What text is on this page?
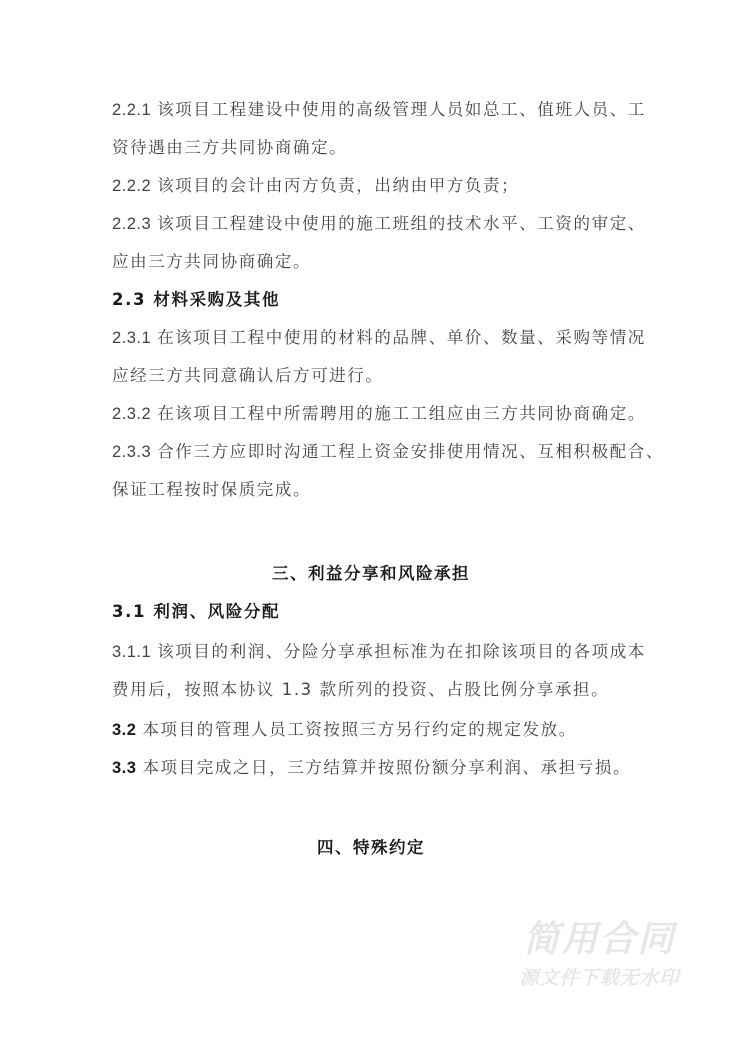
2.2.1 该项目工程建设中使用的高级管理人员如总工、值班人员、工
资待遇由三方共同协商确定。
2.2.2 该项目的会计由丙方负责，出纳由甲方负责；
2.2.3 该项目工程建设中使用的施工班组的技术水平、工资的审定、
应由三方共同协商确定。
2.3 材料采购及其他
2.3.1 在该项目工程中使用的材料的品牌、单价、数量、采购等情况
应经三方共同意确认后方可进行。
2.3.2 在该项目工程中所需聘用的施工工组应由三方共同协商确定。
2.3.3 合作三方应即时沟通工程上资金安排使用情况、互相积极配合、
保证工程按时保质完成。
三、利益分享和风险承担
3.1 利润、风险分配
3.1.1 该项目的利润、分险分享承担标准为在扣除该项目的各项成本
费用后，按照本协议 1.3 款所列的投资、占股比例分享承担。
3.2 本项目的管理人员工资按照三方另行约定的规定发放。
3.3 本项目完成之日，三方结算并按照份额分享利润、承担亏损。
四、特殊约定
简用合同
源文件下载无水印
